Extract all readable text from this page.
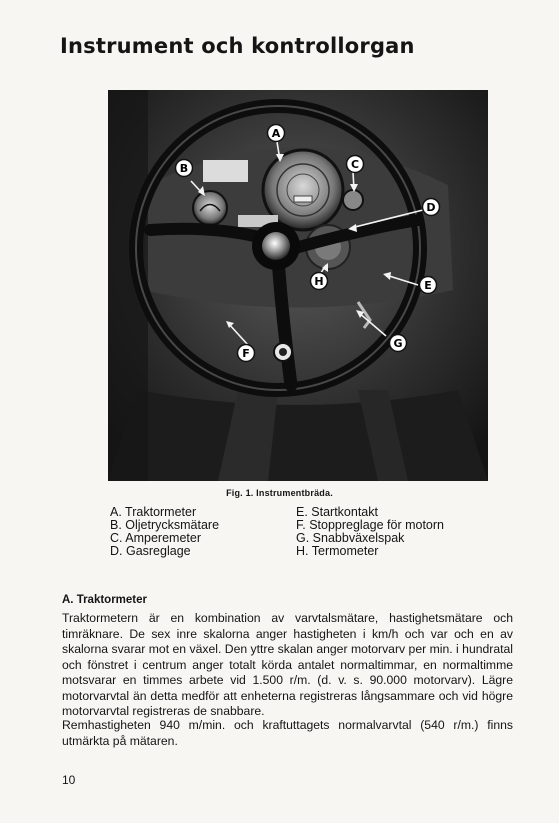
Instrument och kontrollorgan
A
B	C
D
E
F
G
H
Fig. 1. Instrumentbräda.
A. Traktormeter	E. Startkontakt
B. Oljetrycksmätare	F. Stoppreglage för motorn
C. Amperemeter	G. Snabbväxelspak
D. Gasreglage	H. Termometer
A. Traktormeter

Traktormetern är en kombination av varvtalsmätare, hastighetsmätare och timräknare. De sex inre skalorna anger hastigheten i km/h och var och en av skalorna svarar mot en växel. Den yttre skalan anger motorvarv per min. i hundratal och fönstret i centrum anger totalt körda antalet normaltimmar, en normaltimme motsvarar en timmes arbete vid 1.500 r/m. (d. v. s. 90.000 motorvarv). Lägre motorvarvtal än detta medför att enheterna registreras långsammare och vid högre motorvarvtal registreras de snabbare.

Remhastigheten 940 m/min. och kraftuttagets normalvarvtal (540 r/m.) finns utmärkta på mätaren.

10
